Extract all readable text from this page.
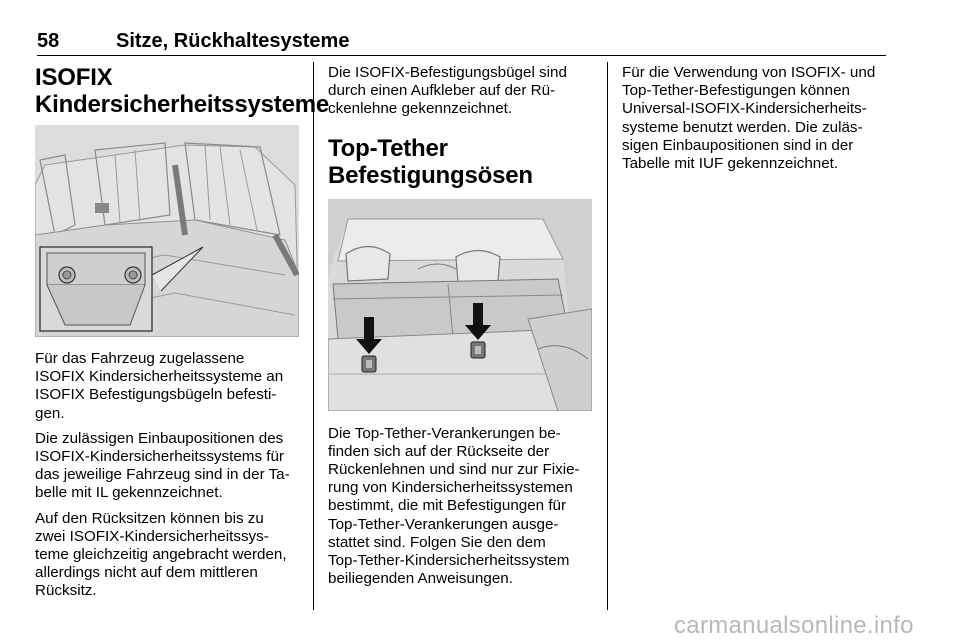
58	Sitze, Rückhaltesysteme
ISOFIX
Kindersicherheitssysteme

Für das Fahrzeug zugelassene
ISOFIX Kindersicherheitssysteme an
ISOFIX Befestigungsbügeln befesti-
gen.

Die zulässigen Einbaupositionen des
ISOFIX-Kindersicherheitssystems für
das jeweilige Fahrzeug sind in der Ta-
belle mit IL gekennzeichnet.

Auf den Rücksitzen können bis zu
zwei ISOFIX-Kindersicherheitssys-
teme gleichzeitig angebracht werden,
allerdings nicht auf dem mittleren
Rücksitz.

Die ISOFIX-Befestigungsbügel sind
durch einen Aufkleber auf der Rü-
ckenlehne gekennzeichnet.

Top-Tether
Befestigungsösen

Die Top-Tether-Verankerungen be-
finden sich auf der Rückseite der
Rückenlehnen und sind nur zur Fixie-
rung von Kindersicherheitssystemen
bestimmt, die mit Befestigungen für
Top-Tether-Verankerungen ausge-
stattet sind. Folgen Sie den dem
Top-Tether-Kindersicherheitssystem
beiliegenden Anweisungen.

Für die Verwendung von ISOFIX- und
Top-Tether-Befestigungen können
Universal-ISOFIX-Kindersicherheits-
systeme benutzt werden. Die zuläs-
sigen Einbaupositionen sind in der
Tabelle mit IUF gekennzeichnet.

carmanualsonline.info
